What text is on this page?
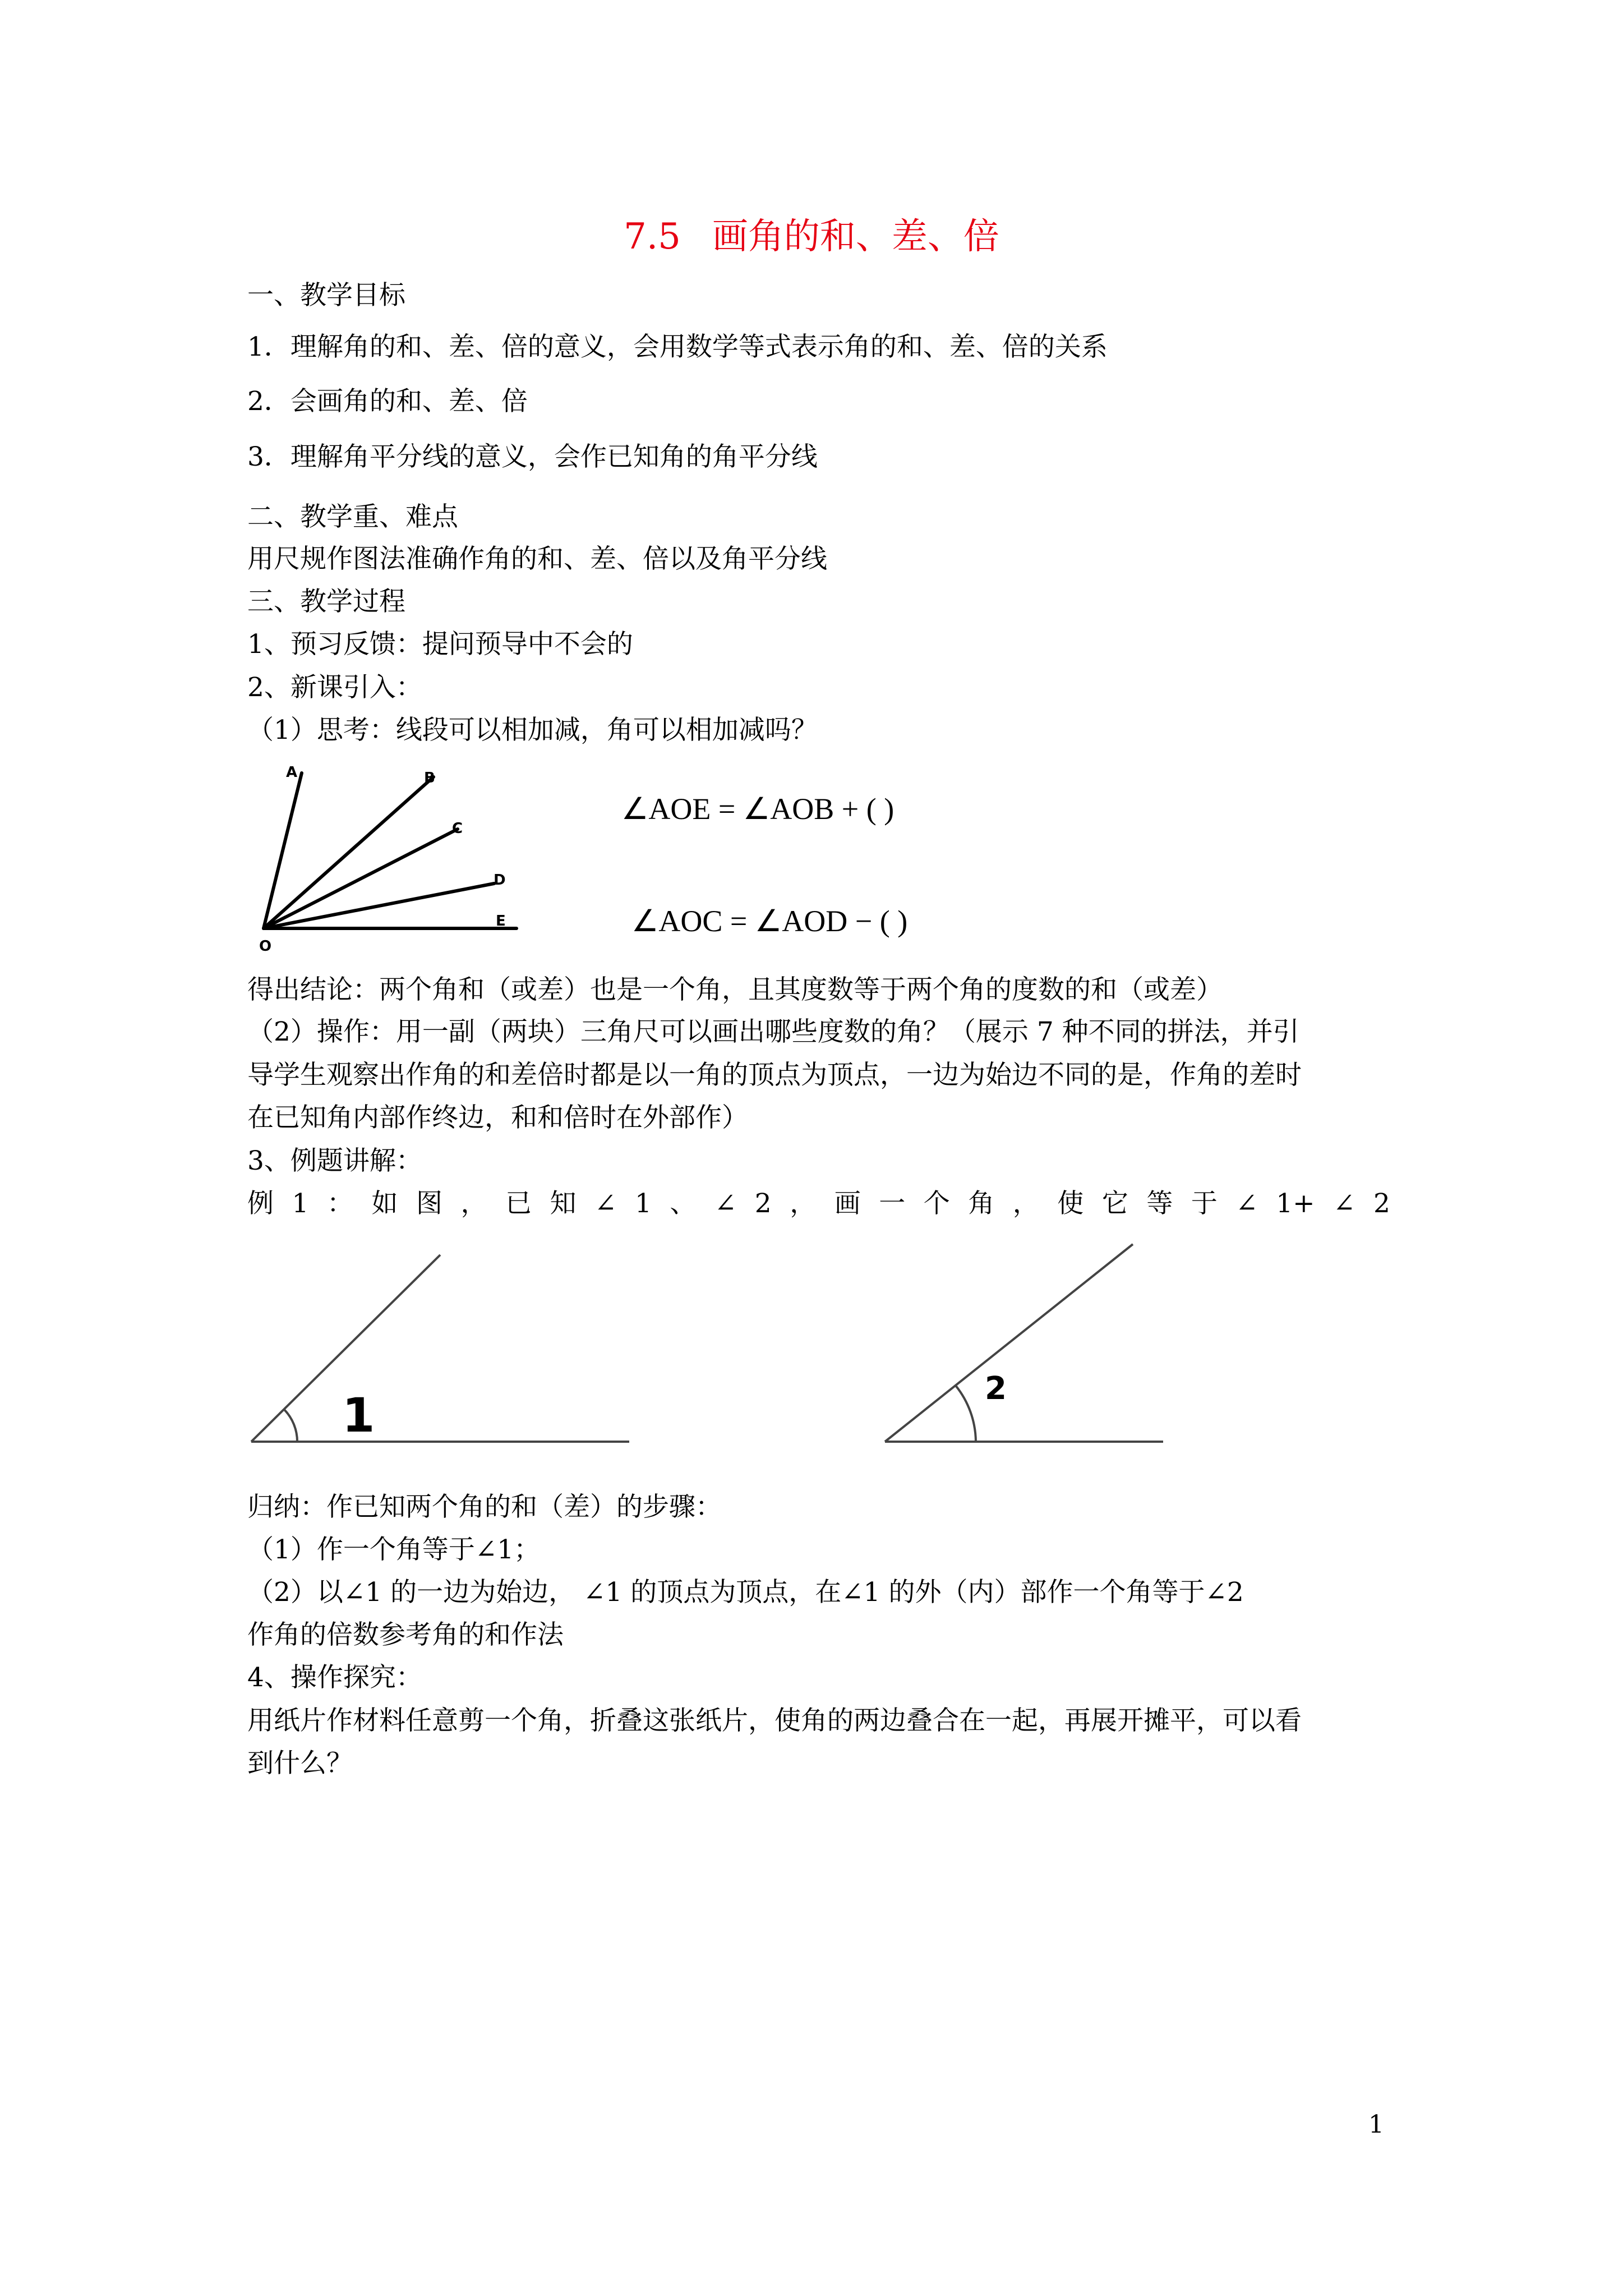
7.5 画角的和、差、倍
一、教学目标
1．理解角的和、差、倍的意义，会用数学等式表示角的和、差、倍的关系
2．会画角的和、差、倍
3．理解角平分线的意义，会作已知角的角平分线
二、教学重、难点
用尺规作图法准确作角的和、差、倍以及角平分线
三、教学过程
1、预习反馈：提问预导中不会的
2、新课引入：
（1）思考：线段可以相加减，角可以相加减吗？
A	B
C
D
E
O
∠AOE = ∠AOB + ( )
∠AOC = ∠AOD − ( )
得出结论：两个角和（或差）也是一个角，且其度数等于两个角的度数的和（或差）
（2）操作：用一副（两块）三角尺可以画出哪些度数的角？（展示 7 种不同的拼法，并引
导学生观察出作角的和差倍时都是以一角的顶点为顶点，一边为始边不同的是，作角的差时
在已知角内部作终边，和和倍时在外部作）
3、例题讲解：
例 1 ： 如 图 ， 已 知 ∠ 1 、 ∠ 2 ， 画 一 个 角 ， 使 它 等 于 ∠ 1+ ∠ 2
1	2
归纳：作已知两个角的和（差）的步骤：
（1）作一个角等于∠1；
（2）以∠1 的一边为始边， ∠1 的顶点为顶点，在∠1 的外（内）部作一个角等于∠2
作角的倍数参考角的和作法
4、操作探究：
用纸片作材料任意剪一个角，折叠这张纸片，使角的两边叠合在一起，再展开摊平，可以看
到什么？
1
